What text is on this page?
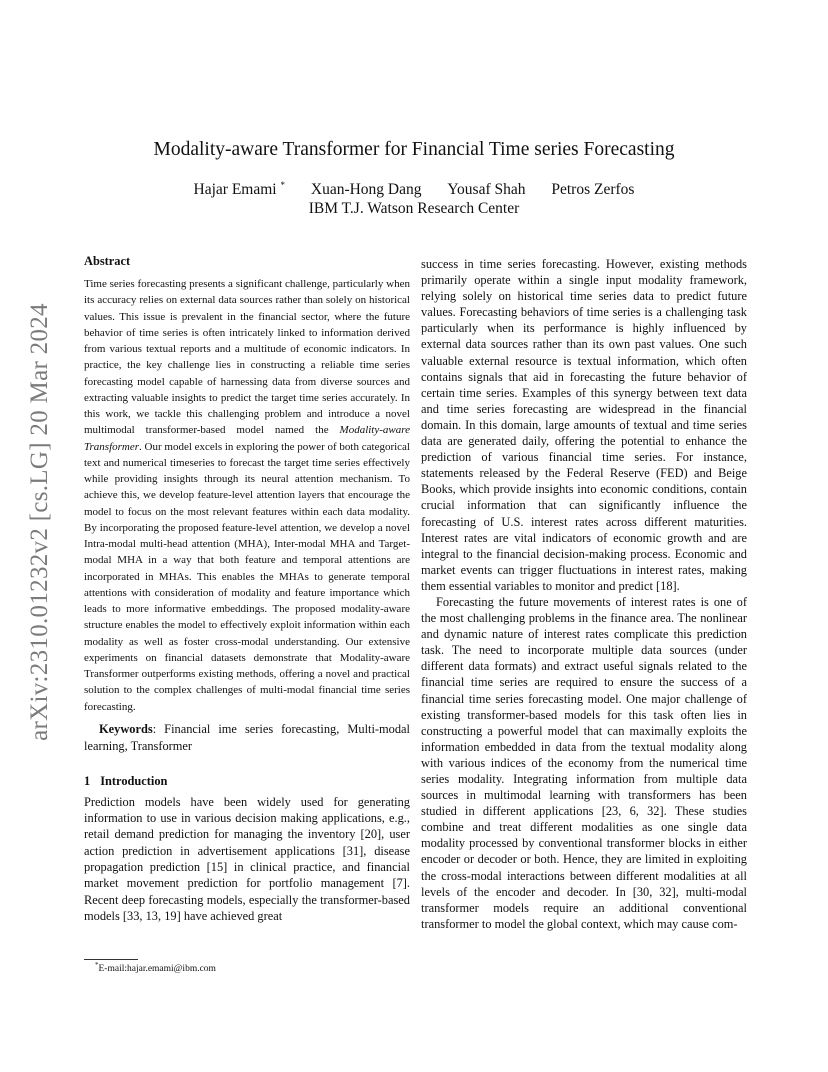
arXiv:2310.01232v2 [cs.LG] 20 Mar 2024
Modality-aware Transformer for Financial Time series Forecasting
Hajar Emami * Xuan-Hong Dang Yousaf Shah Petros Zerfos
IBM T.J. Watson Research Center
Abstract

Time series forecasting presents a significant challenge, particularly when its accuracy relies on external data sources rather than solely on historical values. This issue is prevalent in the financial sector, where the future behavior of time series is often intricately linked to information derived from various textual reports and a multitude of economic indicators. In practice, the key challenge lies in constructing a reliable time series forecasting model capable of harnessing data from diverse sources and extracting valuable insights to predict the target time series accurately. In this work, we tackle this challenging problem and introduce a novel multimodal transformer-based model named the Modality-aware Transformer. Our model excels in exploring the power of both categorical text and numerical timeseries to forecast the target time series effectively while providing insights through its neural attention mechanism. To achieve this, we develop feature-level attention layers that encourage the model to focus on the most relevant features within each data modality. By incorporating the proposed feature-level attention, we develop a novel Intra-modal multi-head attention (MHA), Inter-modal MHA and Target-modal MHA in a way that both feature and temporal attentions are incorporated in MHAs. This enables the MHAs to generate temporal attentions with consideration of modality and feature importance which leads to more informative embeddings. The proposed modality-aware structure enables the model to effectively exploit information within each modality as well as foster cross-modal understanding. Our extensive experiments on financial datasets demonstrate that Modality-aware Transformer outperforms existing methods, offering a novel and practical solution to the complex challenges of multi-modal financial time series forecasting.

Keywords: Financial ime series forecasting, Multi-modal learning, Transformer

1 Introduction

Prediction models have been widely used for generating information to use in various decision making applications, e.g., retail demand prediction for managing the inventory [20], user action prediction in advertisement applications [31], disease propagation prediction [15] in clinical practice, and financial market movement prediction for portfolio management [7]. Recent deep forecasting models, especially the transformer-based models [33, 13, 19] have achieved great

success in time series forecasting. However, existing methods primarily operate within a single input modality framework, relying solely on historical time series data to predict future values. Forecasting behaviors of time series is a challenging task particularly when its performance is highly influenced by external data sources rather than its own past values. One such valuable external resource is textual information, which often contains signals that aid in forecasting the future behavior of certain time series. Examples of this synergy between text data and time series forecasting are widespread in the financial domain. In this domain, large amounts of textual and time series data are generated daily, offering the potential to enhance the prediction of various financial time series. For instance, statements released by the Federal Reserve (FED) and Beige Books, which provide insights into economic conditions, contain crucial information that can significantly influence the forecasting of U.S. interest rates across different maturities. Interest rates are vital indicators of economic growth and are integral to the financial decision-making process. Economic and market events can trigger fluctuations in interest rates, making them essential variables to monitor and predict [18].

Forecasting the future movements of interest rates is one of the most challenging problems in the finance area. The nonlinear and dynamic nature of interest rates complicate this prediction task. The need to incorporate multiple data sources (under different data formats) and extract useful signals related to the financial time series are required to ensure the success of a financial time series forecasting model. One major challenge of existing transformer-based models for this task often lies in constructing a powerful model that can maximally exploits the information embedded in data from the textual modality along with various indices of the economy from the numerical time series modality. Integrating information from multiple data sources in multimodal learning with transformers has been studied in different applications [23, 6, 32]. These studies combine and treat different modalities as one single data modality processed by conventional transformer blocks in either encoder or decoder or both. Hence, they are limited in exploiting the cross-modal interactions between different modalities at all levels of the encoder and decoder. In [30, 32], multi-modal transformer models require an additional conventional transformer to model the global context, which may cause com-

*E-mail:hajar.emami@ibm.com
